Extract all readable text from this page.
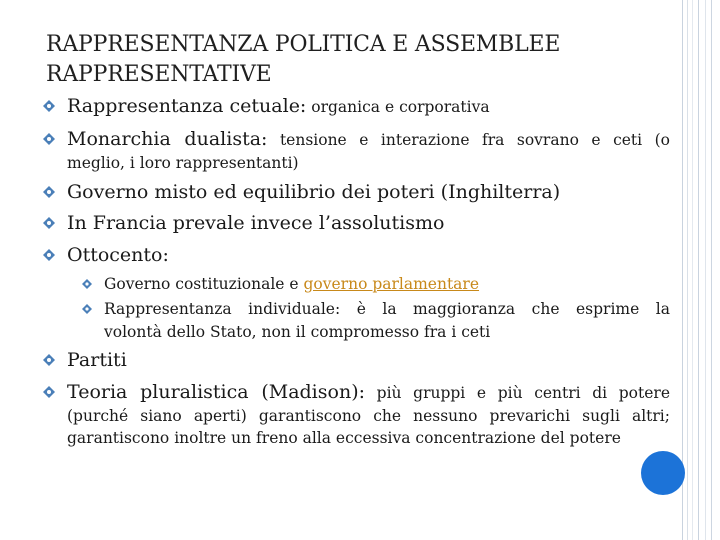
RAPPRESENTANZA POLITICA E ASSEMBLEE
RAPPRESENTATIVE
Rappresentanza cetuale: organica e corporativa
Monarchia dualista: tensione e interazione fra sovrano e ceti (o
meglio, i loro rappresentanti)
Governo misto ed equilibrio dei poteri (Inghilterra)
In Francia prevale invece l’assolutismo
Ottocento:
Governo costituzionale e governo parlamentare
Rappresentanza individuale: è la maggioranza che esprime la
volontà dello Stato, non il compromesso fra i ceti
Partiti
Teoria pluralistica (Madison): più gruppi e più centri di potere
(purché siano aperti) garantiscono che nessuno prevarichi sugli altri;
garantiscono inoltre un freno alla eccessiva concentrazione del potere
